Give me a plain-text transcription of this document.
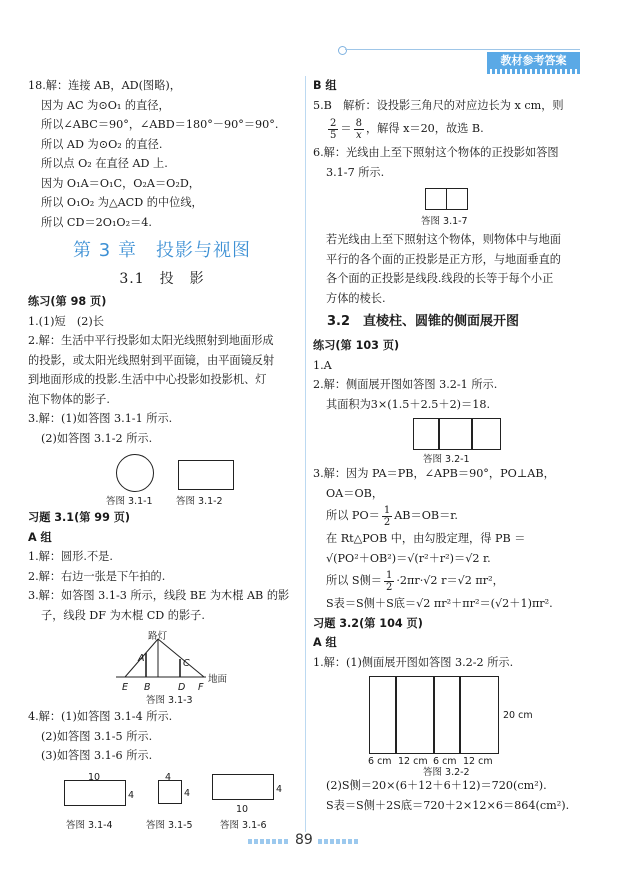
教材参考答案

18.解：连接 AB，AD(图略)，

因为 AC 为⊙O₁ 的直径，

所以∠ABC＝90°，∠ABD＝180°－90°＝90°.

所以 AD 为⊙O₂ 的直径.

所以点 O₂ 在直径 AD 上.

因为 O₁A＝O₁C，O₂A＝O₂D，

所以 O₁O₂ 为△ACD 的中位线，

所以 CD＝2O₁O₂＝4.

第 3 章　投影与视图

3.1　投　影

练习(第 98 页)

1.(1)短　(2)长

2.解：生活中平行投影如太阳光线照射到地面形成

的投影，或太阳光线照射到平面镜，由平面镜反射

到地面形成的投影.生活中中心投影如投影机、灯

泡下物体的影子.

3.解：(1)如答图 3.1-1 所示.

(2)如答图 3.1-2 所示.

答图 3.1-1 答图 3.1-2

习题 3.1(第 99 页)

A 组

1.解：圆形.不是.

2.解：右边一张是下午拍的.

3.解：如答图 3.1-3 所示，线段 BE 为木棍 AB 的影

子，线段 DF 为木棍 CD 的影子.

路灯
A	C
E B	D F
地面
答图 3.1-3

4.解：(1)如答图 3.1-4 所示.

(2)如答图 3.1-5 所示.

(3)如答图 3.1-6 所示.

10
4
答图 3.1-4
4
4
答图 3.1-5
4
10
答图 3.1-6

B 组

5.B　解析：设投影三角尺的对应边长为 x cm，则

$\frac{2}{5} = \frac{8}{x}$ ，解得 x＝20，故选 B.

6.解：光线由上至下照射这个物体的正投影如答图

3.1-7 所示.

答图 3.1-7

若光线由上至下照射这个物体，则物体中与地面

平行的各个面的正投影是正方形，与地面垂直的

各个面的正投影是线段.线段的长等于每个小正

方体的棱长.

3.2　直棱柱、圆锥的侧面展开图

练习(第 103 页)

1.A

2.解：侧面展开图如答图 3.2-1 所示.

其面积为3×(1.5＋2.5＋2)＝18.

答图 3.2-1

3.解：因为 PA＝PB，∠APB＝90°，PO⊥AB，

OA＝OB，

所以 $PO= \frac{1}{2} AB=OB=r$.

在 Rt△POB 中，由勾股定理，得 PB ＝

√(PO²＋OB²)＝√(r²＋r²)＝√2 r.

所以 S侧＝ $\frac{1}{2} \cdot 2\pi r\cdot√2$ r＝√2 πr²，

S表＝S侧＋S底＝√2 πr²＋πr²＝(√2＋1)πr².

习题 3.2(第 104 页)

A 组

1.解：(1)侧面展开图如答图 3.2-2 所示.

20 cm
6 cm 12 cm 6 cm 12 cm
答图 3.2-2

(2)S侧＝20×(6＋12＋6＋12)＝720(cm²).

S表＝S侧＋2S底＝720＋2×12×6＝864(cm²).

89
